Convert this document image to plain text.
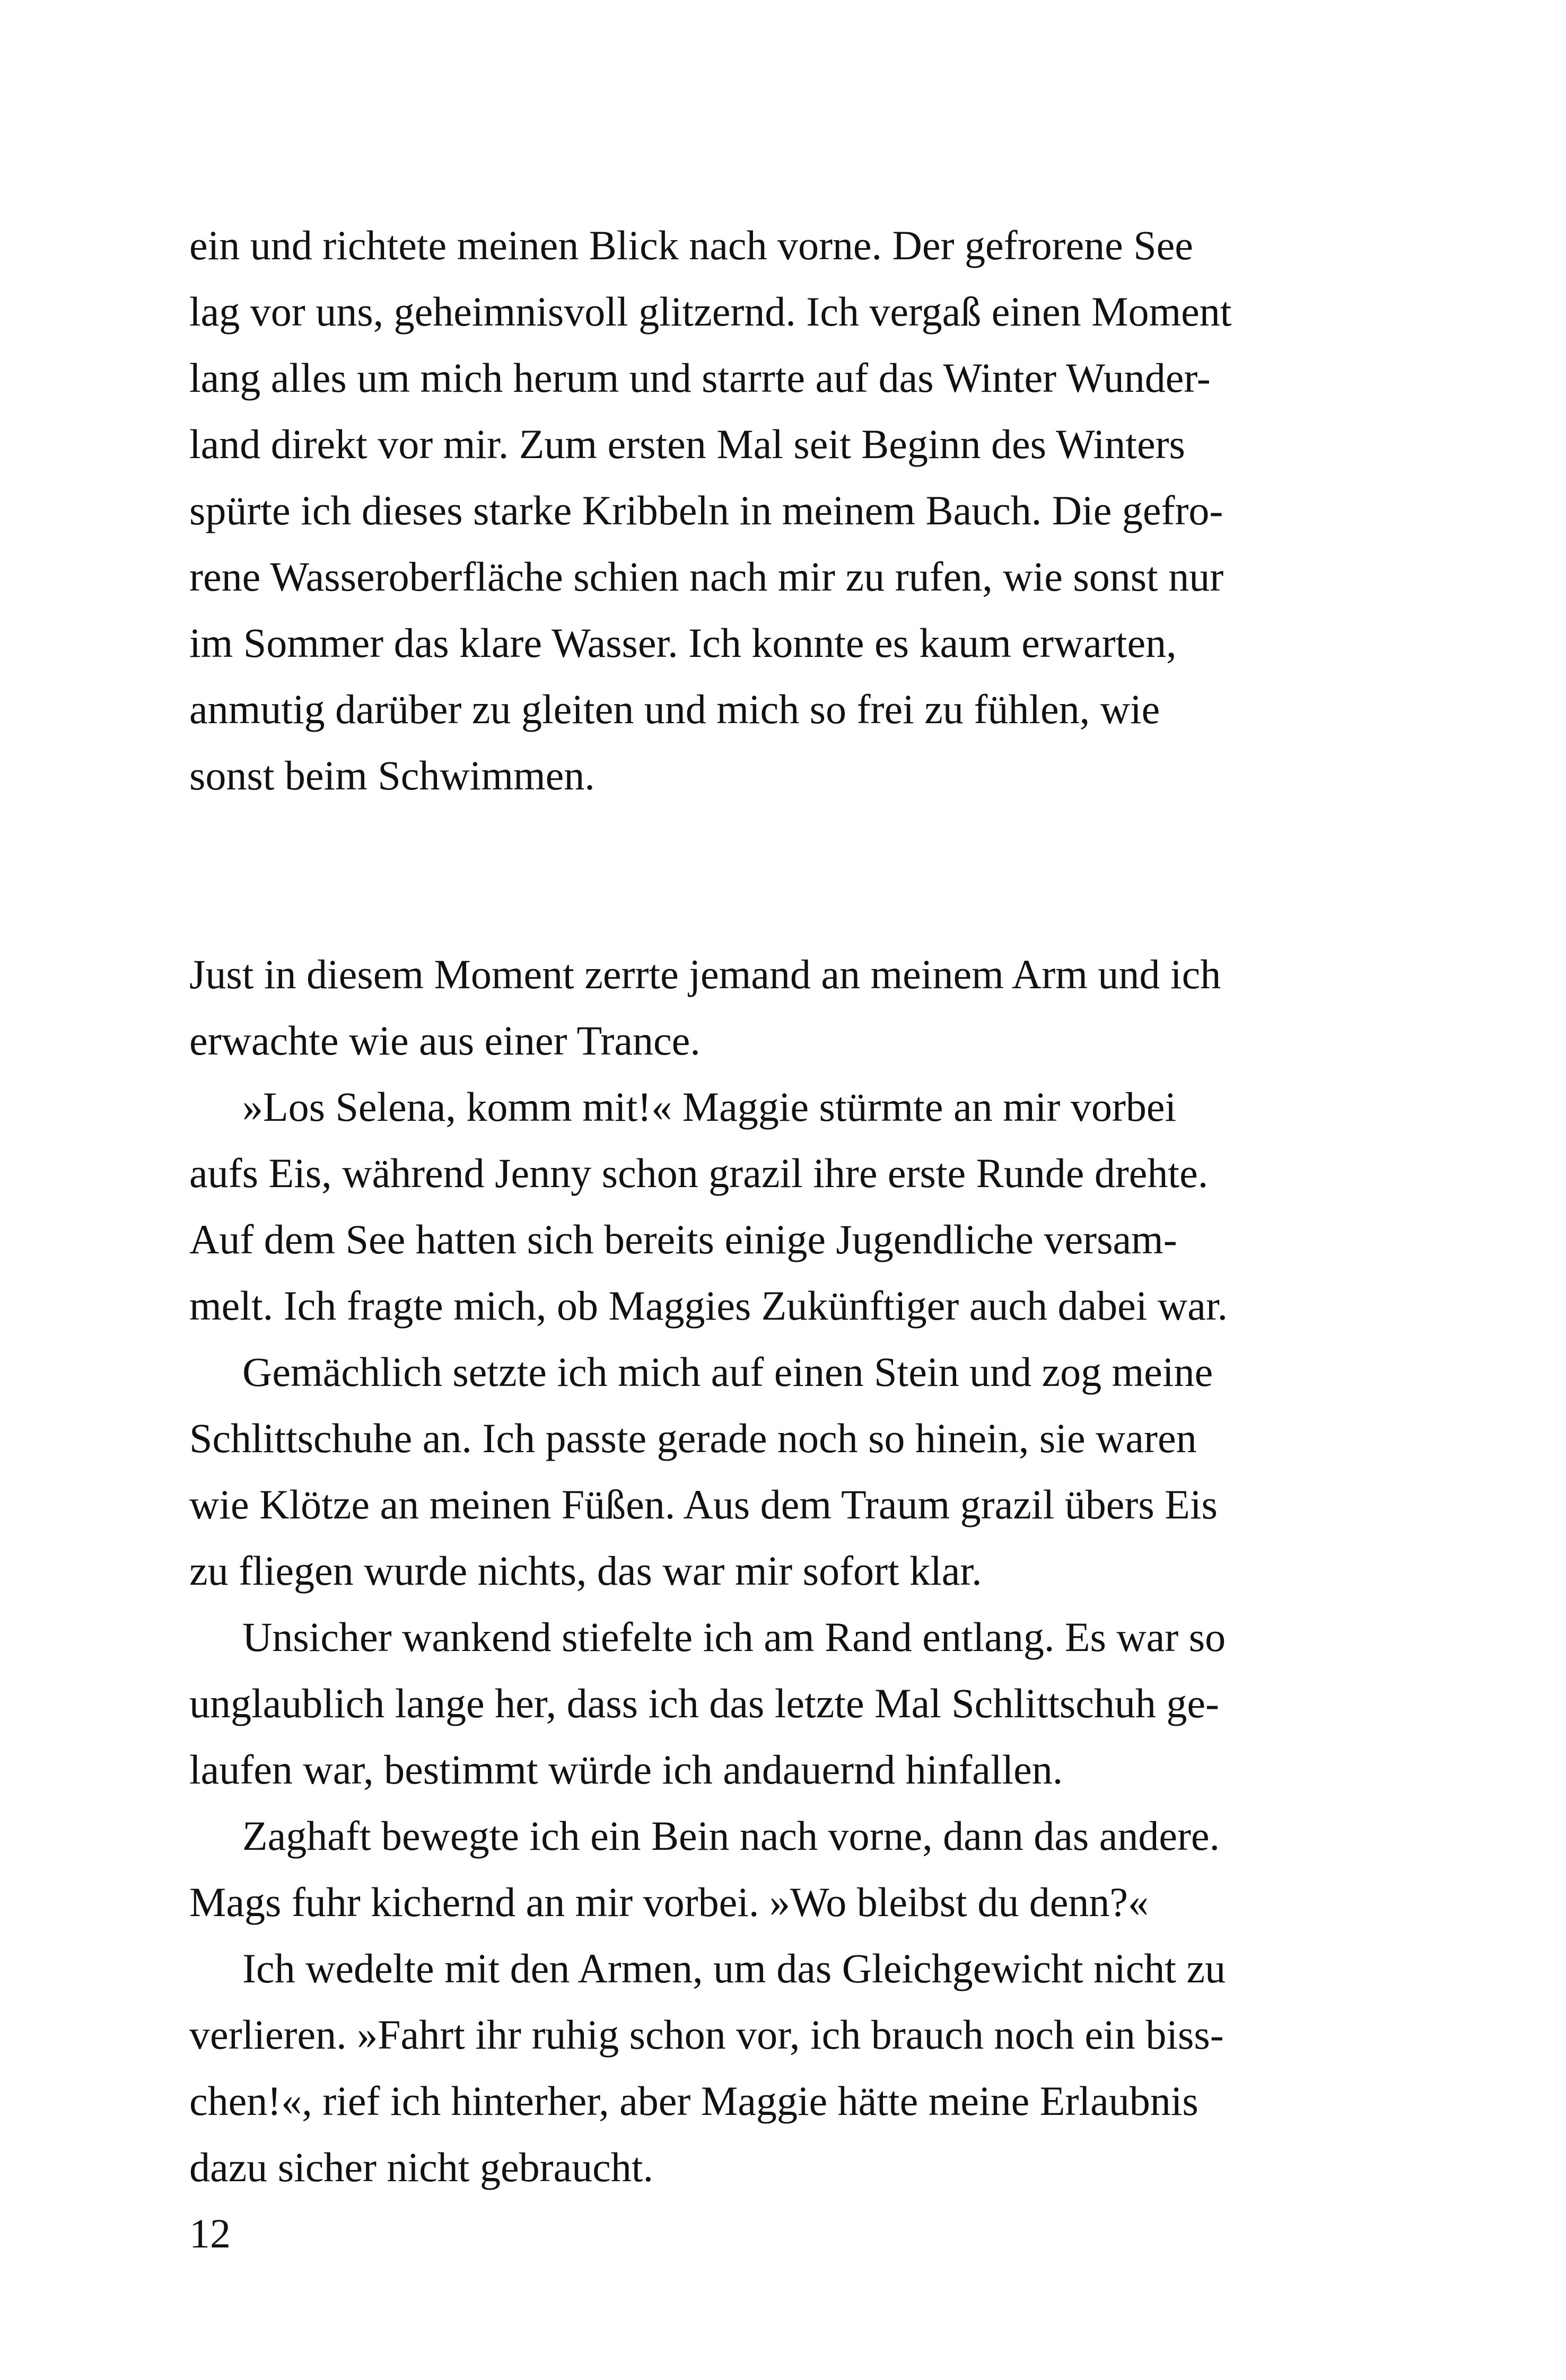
ein und richtete meinen Blick nach vorne. Der gefrorene See
lag vor uns, geheimnisvoll glitzernd. Ich vergaß einen Moment
lang alles um mich herum und starrte auf das Winter Wunder-
land direkt vor mir. Zum ersten Mal seit Beginn des Winters
spürte ich dieses starke Kribbeln in meinem Bauch. Die gefro-
rene Wasseroberfläche schien nach mir zu rufen, wie sonst nur
im Sommer das klare Wasser. Ich konnte es kaum erwarten,
anmutig darüber zu gleiten und mich so frei zu fühlen, wie
sonst beim Schwimmen.
Just in diesem Moment zerrte jemand an meinem Arm und ich
erwachte wie aus einer Trance.
»Los Selena, komm mit!« Maggie stürmte an mir vorbei
aufs Eis, während Jenny schon grazil ihre erste Runde drehte.
Auf dem See hatten sich bereits einige Jugendliche versam-
melt. Ich fragte mich, ob Maggies Zukünftiger auch dabei war.
Gemächlich setzte ich mich auf einen Stein und zog meine
Schlittschuhe an. Ich passte gerade noch so hinein, sie waren
wie Klötze an meinen Füßen. Aus dem Traum grazil übers Eis
zu fliegen wurde nichts, das war mir sofort klar.
Unsicher wankend stiefelte ich am Rand entlang. Es war so
unglaublich lange her, dass ich das letzte Mal Schlittschuh ge-
laufen war, bestimmt würde ich andauernd hinfallen.
Zaghaft bewegte ich ein Bein nach vorne, dann das andere.
Mags fuhr kichernd an mir vorbei. »Wo bleibst du denn?«
Ich wedelte mit den Armen, um das Gleichgewicht nicht zu
verlieren. »Fahrt ihr ruhig schon vor, ich brauch noch ein biss-
chen!«, rief ich hinterher, aber Maggie hätte meine Erlaubnis
dazu sicher nicht gebraucht.
12
